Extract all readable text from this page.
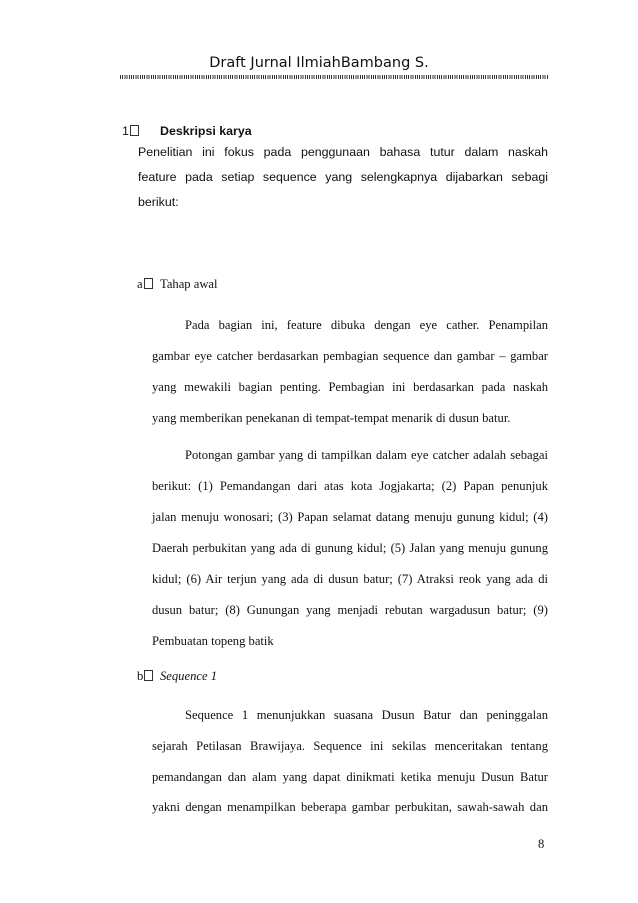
Draft Jurnal IlmiahBambang S.
1	Deskripsi karya
Penelitian ini fokus pada penggunaan bahasa tutur dalam naskah
feature pada setiap sequence yang selengkapnya dijabarkan sebagi
berikut:
a	Tahap awal
Pada bagian ini, feature dibuka dengan eye cather. Penampilan
gambar eye catcher berdasarkan pembagian sequence dan gambar – gambar
yang mewakili bagian penting. Pembagian ini berdasarkan pada naskah
yang memberikan penekanan di tempat-tempat menarik di dusun batur.
Potongan gambar yang di tampilkan dalam eye catcher adalah sebagai
berikut: (1) Pemandangan dari atas kota Jogjakarta; (2) Papan penunjuk
jalan menuju wonosari; (3) Papan selamat datang menuju gunung kidul; (4)
Daerah perbukitan yang ada di gunung kidul; (5) Jalan yang menuju gunung
kidul; (6) Air terjun yang ada di dusun batur; (7) Atraksi reok yang ada di
dusun batur; (8) Gunungan yang menjadi rebutan wargadusun batur; (9)
Pembuatan topeng batik
b	Sequence 1
Sequence 1 menunjukkan suasana Dusun Batur dan peninggalan
sejarah Petilasan Brawijaya. Sequence ini sekilas menceritakan tentang
pemandangan dan alam yang dapat dinikmati ketika menuju Dusun Batur
yakni dengan menampilkan beberapa gambar perbukitan, sawah-sawah dan
8
